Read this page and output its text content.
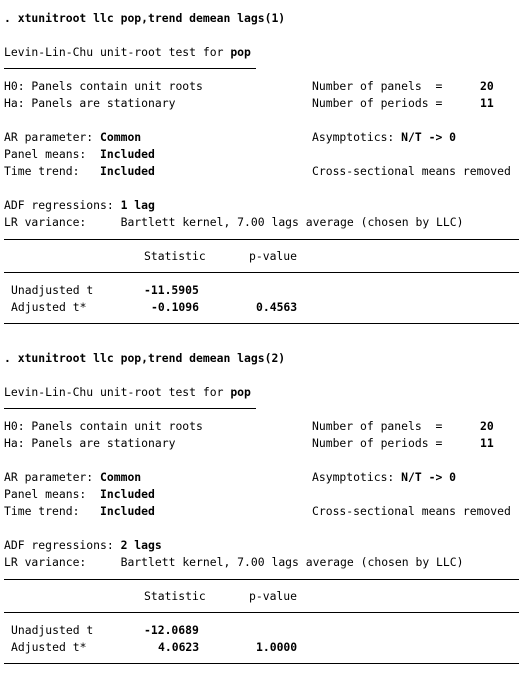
. xtunitroot llc pop,trend demean lags(1)
Levin-Lin-Chu unit-root test for pop
H0: Panels contain unit roots	Number of panels  =	20
Ha: Panels are stationary	Number of periods =	11
AR parameter: Common	Asymptotics: N/T -> 0
Panel means:  Included
Time trend:   Included	Cross-sectional means removed
ADF regressions: 1 lag
LR variance:     Bartlett kernel, 7.00 lags average (chosen by LLC)
Statistic	p-value
Unadjusted t	-11.5905
Adjusted t*	-0.1096	0.4563
. xtunitroot llc pop,trend demean lags(2)
Levin-Lin-Chu unit-root test for pop
H0: Panels contain unit roots	Number of panels  =	20
Ha: Panels are stationary	Number of periods =	11
AR parameter: Common	Asymptotics: N/T -> 0
Panel means:  Included
Time trend:   Included	Cross-sectional means removed
ADF regressions: 2 lags
LR variance:     Bartlett kernel, 7.00 lags average (chosen by LLC)
Statistic	p-value
Unadjusted t	-12.0689
Adjusted t*	4.0623	1.0000
